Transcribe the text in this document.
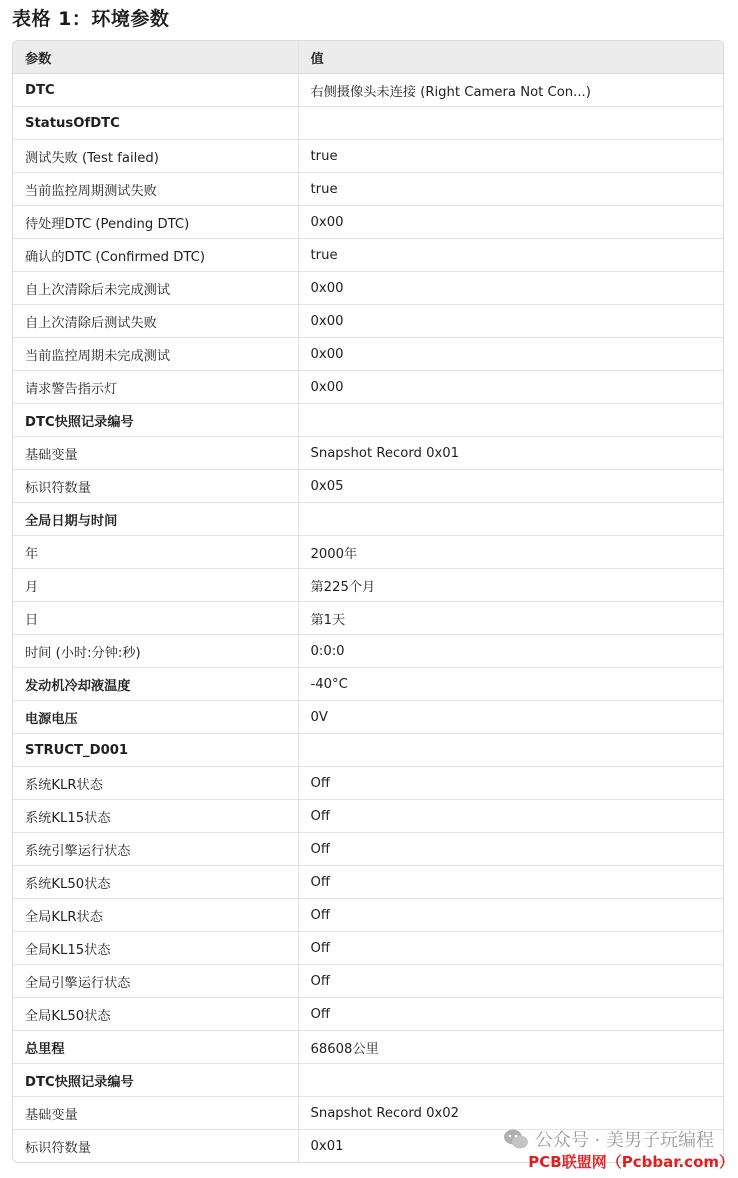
表格 1：环境参数
参数	值
DTC	右侧摄像头未连接 (Right Camera Not Con...)
StatusOfDTC	
测试失败 (Test failed)	true
当前监控周期测试失败	true
待处理DTC (Pending DTC)	0x00
确认的DTC (Confirmed DTC)	true
自上次清除后未完成测试	0x00
自上次清除后测试失败	0x00
当前监控周期未完成测试	0x00
请求警告指示灯	0x00
DTC快照记录编号	
基础变量	Snapshot Record 0x01
标识符数量	0x05
全局日期与时间	
年	2000年
月	第225个月
日	第1天
时间 (小时:分钟:秒)	0:0:0
发动机冷却液温度	-40°C
电源电压	0V
STRUCT_D001	
系统KLR状态	Off
系统KL15状态	Off
系统引擎运行状态	Off
系统KL50状态	Off
全局KLR状态	Off
全局KL15状态	Off
全局引擎运行状态	Off
全局KL50状态	Off
总里程	68608公里
DTC快照记录编号	
基础变量	Snapshot Record 0x02
标识符数量	0x01	公众号 · 美男子玩编程
PCB联盟网（Pcbbar.com）
